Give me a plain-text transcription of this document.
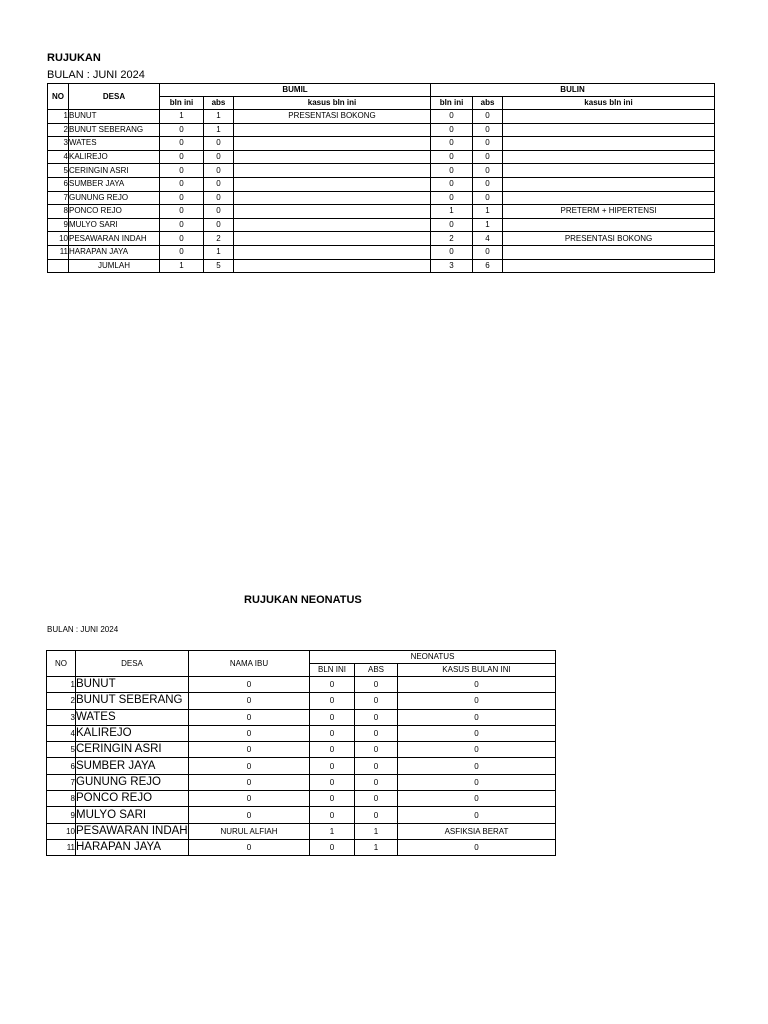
RUJUKAN
BULAN : JUNI 2024
NO	DESA	BUMIL			BULIN		
		bln ini	abs	kasus bln ini	bln ini	abs	kasus bln ini
1	BUNUT	1	1	PRESENTASI BOKONG	0	0	
2	BUNUT SEBERANG	0	1		0	0	
3	WATES	0	0		0	0	
4	KALIREJO	0	0		0	0	
5	CERINGIN ASRI	0	0		0	0	
6	SUMBER JAYA	0	0		0	0	
7	GUNUNG REJO	0	0		0	0	
8	PONCO REJO	0	0		1	1	PRETERM + HIPERTENSI
9	MULYO SARI	0	0		0	1	
10	PESAWARAN INDAH	0	2		2	4	PRESENTASI BOKONG
11	HARAPAN JAYA	0	1		0	0	
	JUMLAH	1	5		3	6	
RUJUKAN NEONATUS
BULAN : JUNI 2024
NO	DESA	NAMA IBU	NEONATUS		
			BLN INI	ABS	KASUS BULAN INI
1	BUNUT	0	0	0	0
2	BUNUT SEBERANG	0	0	0	0
3	WATES	0	0	0	0
4	KALIREJO	0	0	0	0
5	CERINGIN ASRI	0	0	0	0
6	SUMBER JAYA	0	0	0	0
7	GUNUNG REJO	0	0	0	0
8	PONCO REJO	0	0	0	0
9	MULYO SARI	0	0	0	0
10	PESAWARAN INDAH	NURUL ALFIAH	1	1	ASFIKSIA BERAT
11	HARAPAN JAYA	0	0	1	0
